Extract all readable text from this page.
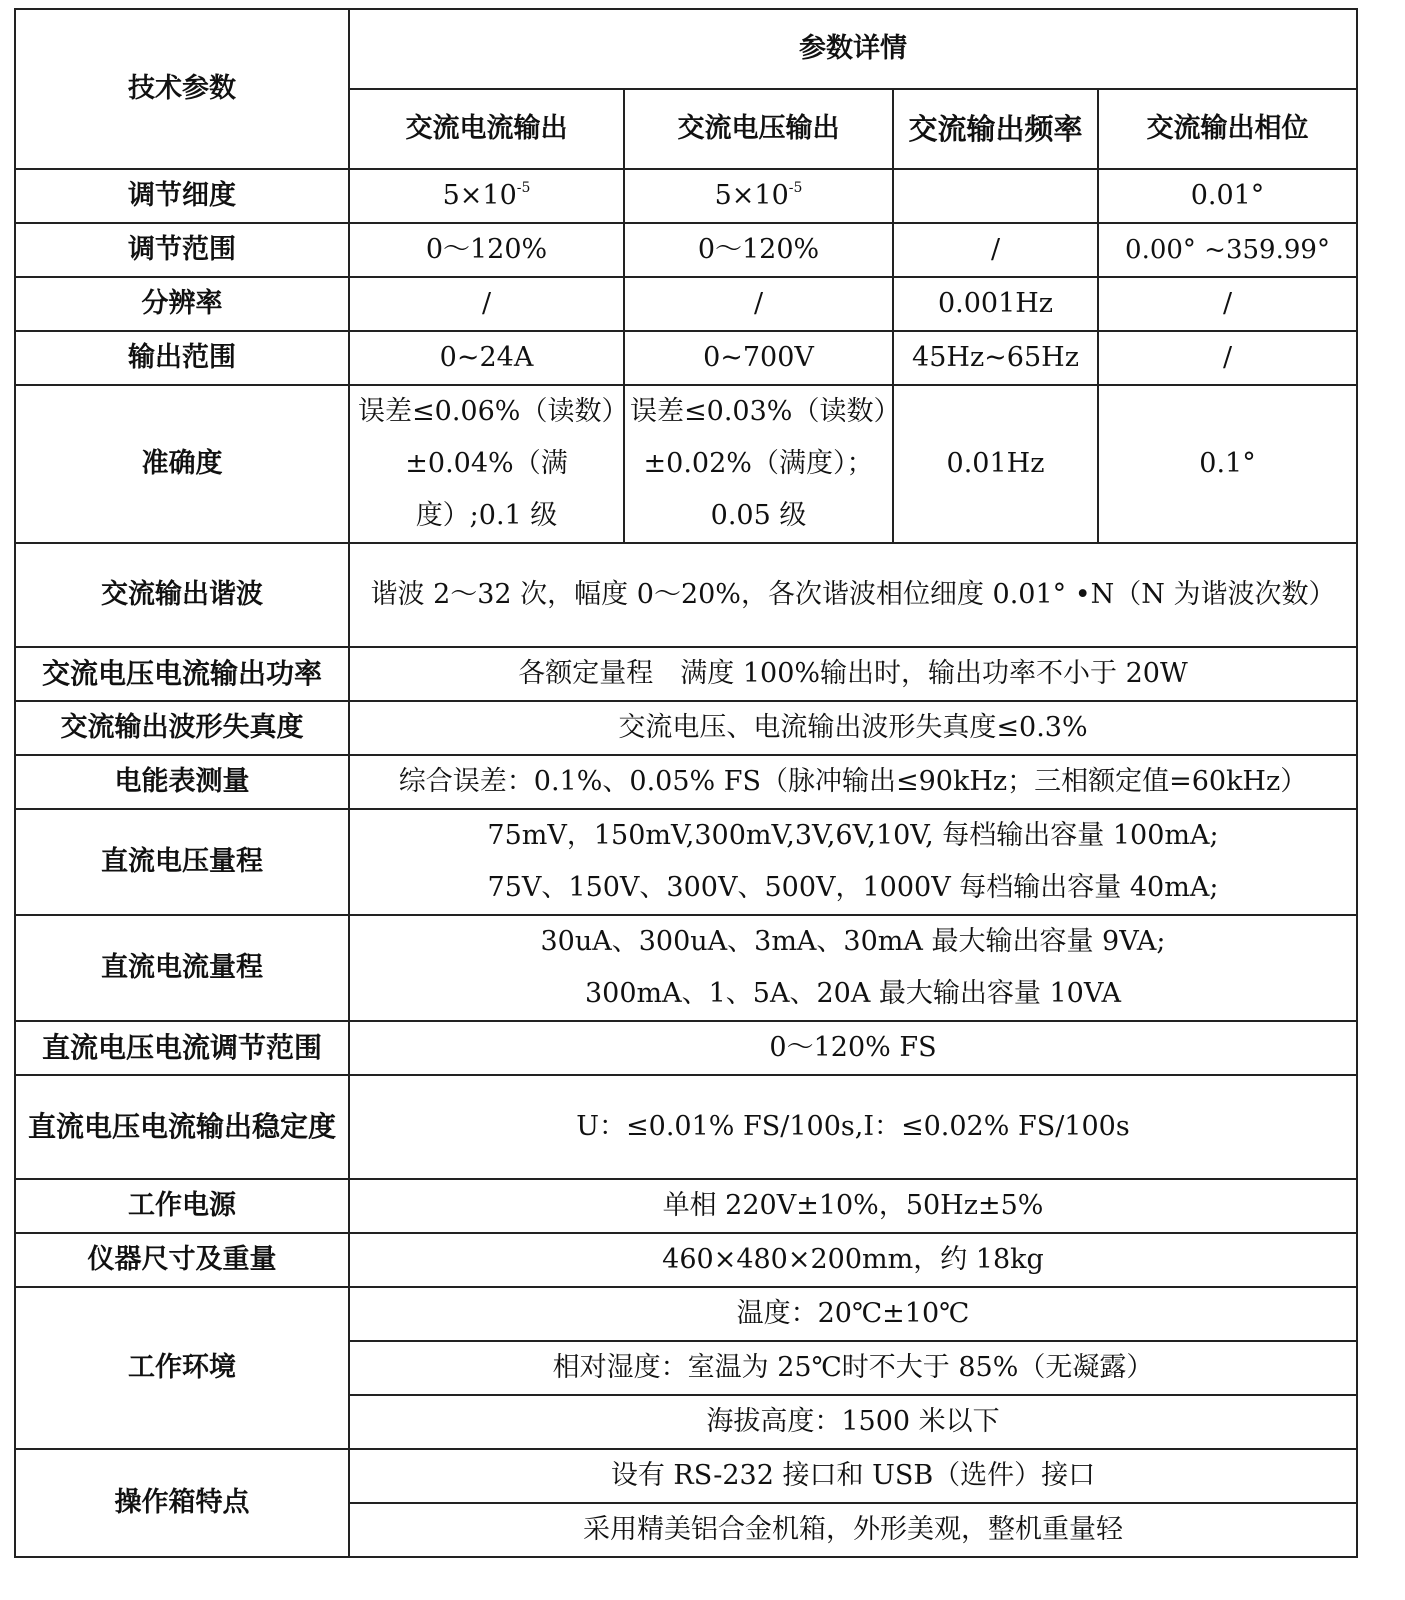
技术参数	参数详情			
	交流电流输出	交流电压输出	交流输出频率	交流输出相位
调节细度	$5\times 10^{-5}$	$5\times 10^{-5}$		0.01°
调节范围	0～120%	0～120%	/	0.00° ~359.99°
分辨率	/	/	0.001Hz	/
输出范围	0~24A	0~700V	45Hz~65Hz	/
准确度	误差≤0.06%（读数）±0.04%（满度）;0.1 级	误差≤0.03%（读数）±0.02%（满度）；0.05 级	0.01Hz	0.1°
交流输出谐波	谐波 2～32 次，幅度 0～20%，各次谐波相位细度 0.01° •N（N 为谐波次数）			
交流电压电流输出功率	各额定量程　满度 100%输出时，输出功率不小于 20W			
交流输出波形失真度	交流电压、电流输出波形失真度≤0.3%			
电能表测量	综合误差：0.1%、0.05% FS（脉冲输出≤90kHz；三相额定值=60kHz）			
直流电压量程	75mV，150mV,300mV,3V,6V,10V, 每档输出容量 100mA;
75V、150V、300V、500V，1000V 每档输出容量 40mA;			

直流电流量程	30uA、300uA、3mA、30mA 最大输出容量 9VA;
300mA、1、5A、20A 最大输出容量 10VA			

直流电压电流调节范围	0～120% FS			
直流电压电流输出稳定度	U：≤0.01% FS/100s,I：≤0.02% FS/100s			
工作电源	单相 220V±10%，50Hz±5%			
仪器尺寸及重量	460×480×200mm，约 18kg			
工作环境	温度：20℃±10℃			
	相对湿度：室温为 25℃时不大于 85%（无凝露）			
	海拔高度：1500 米以下			
操作箱特点	设有 RS-232 接口和 USB（选件）接口			
	采用精美铝合金机箱，外形美观，整机重量轻			
